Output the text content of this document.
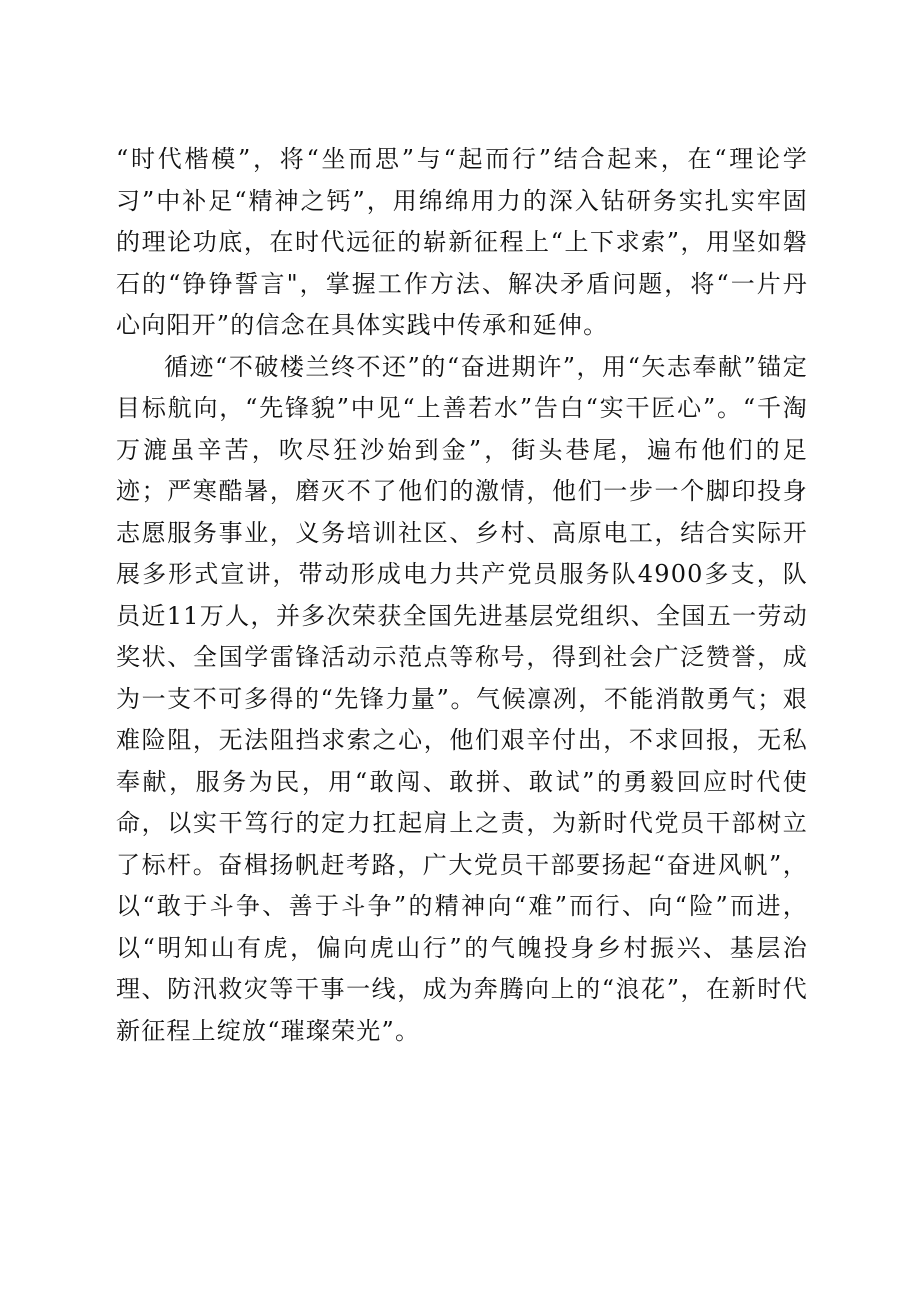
“时代楷模”，将“坐而思”与“起而行”结合起来，在“理论学习”中补足“精神之钙”，用绵绵用力的深入钻研务实扎实牢固的理论功底，在时代远征的崭新征程上“上下求索”，用坚如磐石的“铮铮誓言"，掌握工作方法、解决矛盾问题，将“一片丹心向阳开”的信念在具体实践中传承和延伸。

循迹“不破楼兰终不还”的“奋进期许”，用“矢志奉献”锚定目标航向，“先锋貌”中见“上善若水”告白“实干匠心”。“千淘万漉虽辛苦，吹尽狂沙始到金”，街头巷尾，遍布他们的足迹；严寒酷暑，磨灭不了他们的激情，他们一步一个脚印投身志愿服务事业，义务培训社区、乡村、高原电工，结合实际开展多形式宣讲，带动形成电力共产党员服务队4900多支，队员近11万人，并多次荣获全国先进基层党组织、全国五一劳动奖状、全国学雷锋活动示范点等称号，得到社会广泛赞誉，成为一支不可多得的“先锋力量”。气候凛冽，不能消散勇气；艰难险阻，无法阻挡求索之心，他们艰辛付出，不求回报，无私奉献，服务为民，用“敢闯、敢拼、敢试”的勇毅回应时代使命，以实干笃行的定力扛起肩上之责，为新时代党员干部树立了标杆。奋楫扬帆赶考路，广大党员干部要扬起“奋进风帆”，以“敢于斗争、善于斗争”的精神向“难”而行、向“险”而进，以“明知山有虎，偏向虎山行”的气魄投身乡村振兴、基层治理、防汛救灾等干事一线，成为奔腾向上的“浪花”，在新时代新征程上绽放“璀璨荣光”。
